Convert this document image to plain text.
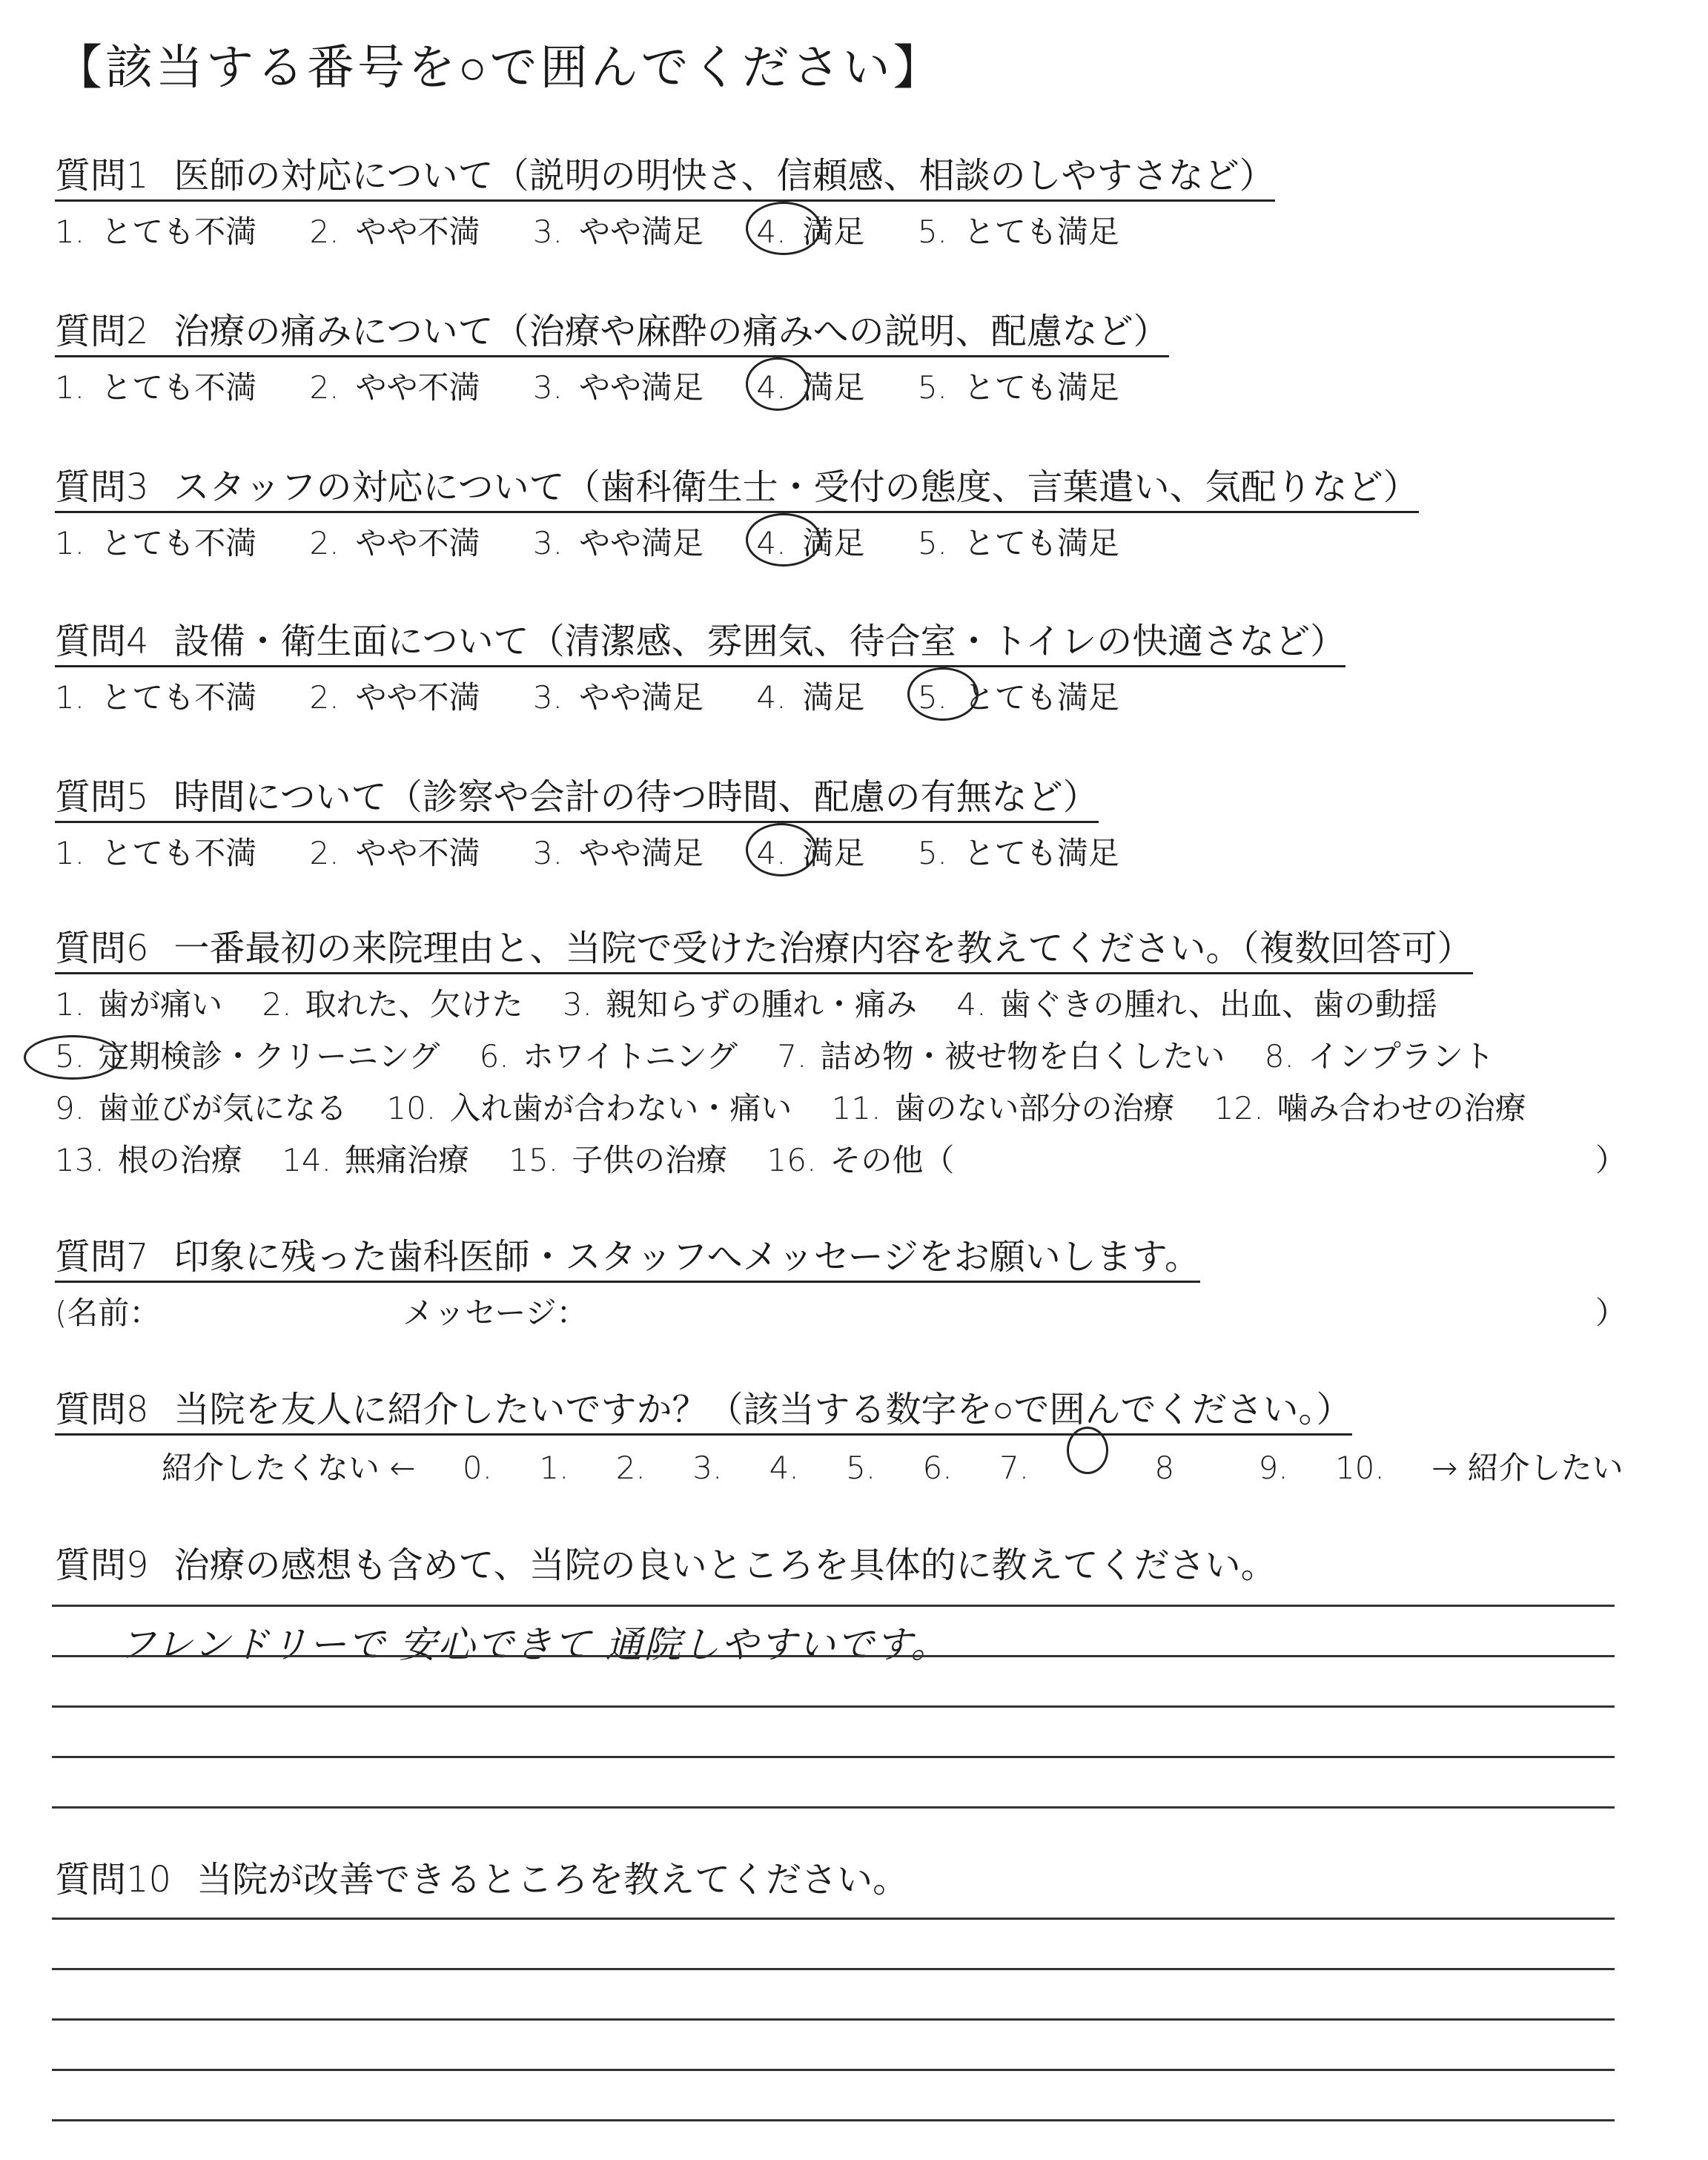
【該当する番号を○で囲んでください】
質問1 医師の対応について（説明の明快さ、信頼感、相談のしやすさなど）
1. とても不満 2. やや不満 3. やや満足 4. 満足 5. とても満足
質問2 治療の痛みについて（治療や麻酔の痛みへの説明、配慮など）
1. とても不満 2. やや不満 3. やや満足 4. 満足 5. とても満足
質問3 スタッフの対応について（歯科衛生士・受付の態度、言葉遣い、気配りなど）
1. とても不満 2. やや不満 3. やや満足 4. 満足 5. とても満足
質問4 設備・衛生面について（清潔感、雰囲気、待合室・トイレの快適さなど）
1. とても不満 2. やや不満 3. やや満足 4. 満足 5. とても満足
質問5 時間について（診察や会計の待つ時間、配慮の有無など）
1. とても不満 2. やや不満 3. やや満足 4. 満足 5. とても満足
質問6 一番最初の来院理由と、当院で受けた治療内容を教えてください。（複数回答可）
1. 歯が痛い 2. 取れた、欠けた 3. 親知らずの腫れ・痛み 4. 歯ぐきの腫れ、出血、歯の動揺
5. 定期検診・クリーニング 6. ホワイトニング 7. 詰め物・被せ物を白くしたい 8. インプラント
9. 歯並びが気になる 10. 入れ歯が合わない・痛い 11. 歯のない部分の治療 12. 噛み合わせの治療
13. 根の治療 14. 無痛治療 15. 子供の治療 16. その他（	）
質問7 印象に残った歯科医師・スタッフへメッセージをお願いします。
(名前：	メッセージ：	）
質問8 当院を友人に紹介したいですか？（該当する数字を○で囲んでください。）
紹介したくない ← 0. 1. 2. 3. 4. 5. 6. 7.	8	9. 10. → 紹介したい
質問9 治療の感想も含めて、当院の良いところを具体的に教えてください。
フレンドリーで 安心できて 通院しやすいです。
質問10 当院が改善できるところを教えてください。
